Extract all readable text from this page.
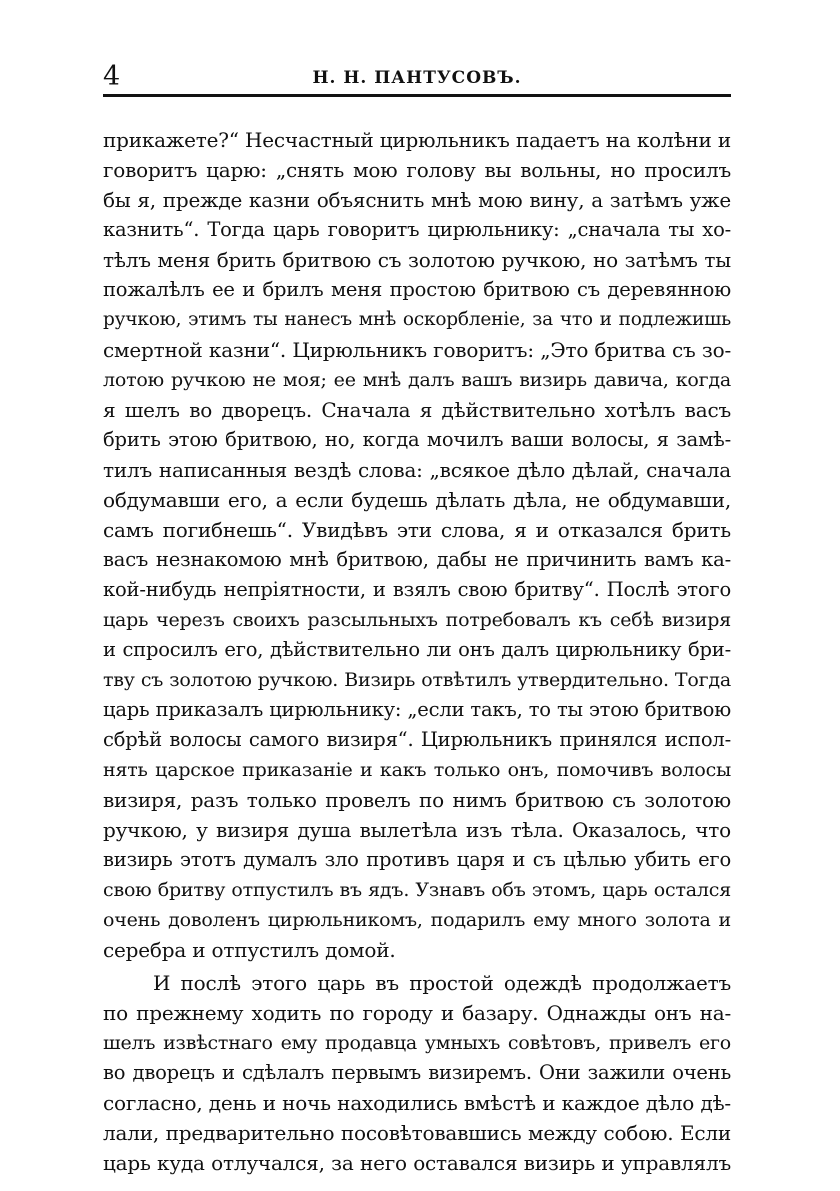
4	Н. Н. ПАНТУСОВЪ.
прикажете?“ Несчастный цирюльникъ падаетъ на колѣни и
говоритъ царю: „снять мою голову вы вольны, но просилъ
бы я, прежде казни объяснить мнѣ мою вину, а затѣмъ уже
казнить“. Тогда царь говоритъ цирюльнику: „сначала ты хо-
тѣлъ меня брить бритвою съ золотою ручкою, но затѣмъ ты
пожалѣлъ ее и брилъ меня простою бритвою съ деревянною
ручкою, этимъ ты нанесъ мнѣ оскорбленіе, за что и подлежишь
смертной казни“. Цирюльникъ говоритъ: „Это бритва съ зо-
лотою ручкою не моя; ее мнѣ далъ вашъ визирь давича, когда
я шелъ во дворецъ. Сначала я дѣйствительно хотѣлъ васъ
брить этою бритвою, но, когда мочилъ ваши волосы, я замѣ-
тилъ написанныя вездѣ слова: „всякое дѣло дѣлай, сначала
обдумавши его, а если будешь дѣлать дѣла, не обдумавши,
самъ погибнешь“. Увидѣвъ эти слова, я и отказался брить
васъ незнакомою мнѣ бритвою, дабы не причинить вамъ ка-
кой-нибудь непріятности, и взялъ свою бритву“. Послѣ этого
царь черезъ своихъ разсыльныхъ потребовалъ къ себѣ визиря
и спросилъ его, дѣйствительно ли онъ далъ цирюльнику бри-
тву съ золотою ручкою. Визирь отвѣтилъ утвердительно. Тогда
царь приказалъ цирюльнику: „если такъ, то ты этою бритвою
сбрѣй волосы самого визиря“. Цирюльникъ принялся испол-
нять царское приказаніе и какъ только онъ, помочивъ волосы
визиря, разъ только провелъ по нимъ бритвою съ золотою
ручкою, у визиря душа вылетѣла изъ тѣла. Оказалось, что
визирь этотъ думалъ зло противъ царя и съ цѣлью убить его
свою бритву отпустилъ въ ядъ. Узнавъ объ этомъ, царь остался
очень доволенъ цирюльникомъ, подарилъ ему много золота и
серебра и отпустилъ домой.
И послѣ этого царь въ простой одеждѣ продолжаетъ
по прежнему ходить по городу и базару. Однажды онъ на-
шелъ извѣстнаго ему продавца умныхъ совѣтовъ, привелъ его
во дворецъ и сдѣлалъ первымъ визиремъ. Они зажили очень
согласно, день и ночь находились вмѣстѣ и каждое дѣло дѣ-
лали, предварительно посовѣтовавшись между собою. Если
царь куда отлучался, за него оставался визирь и управлялъ
